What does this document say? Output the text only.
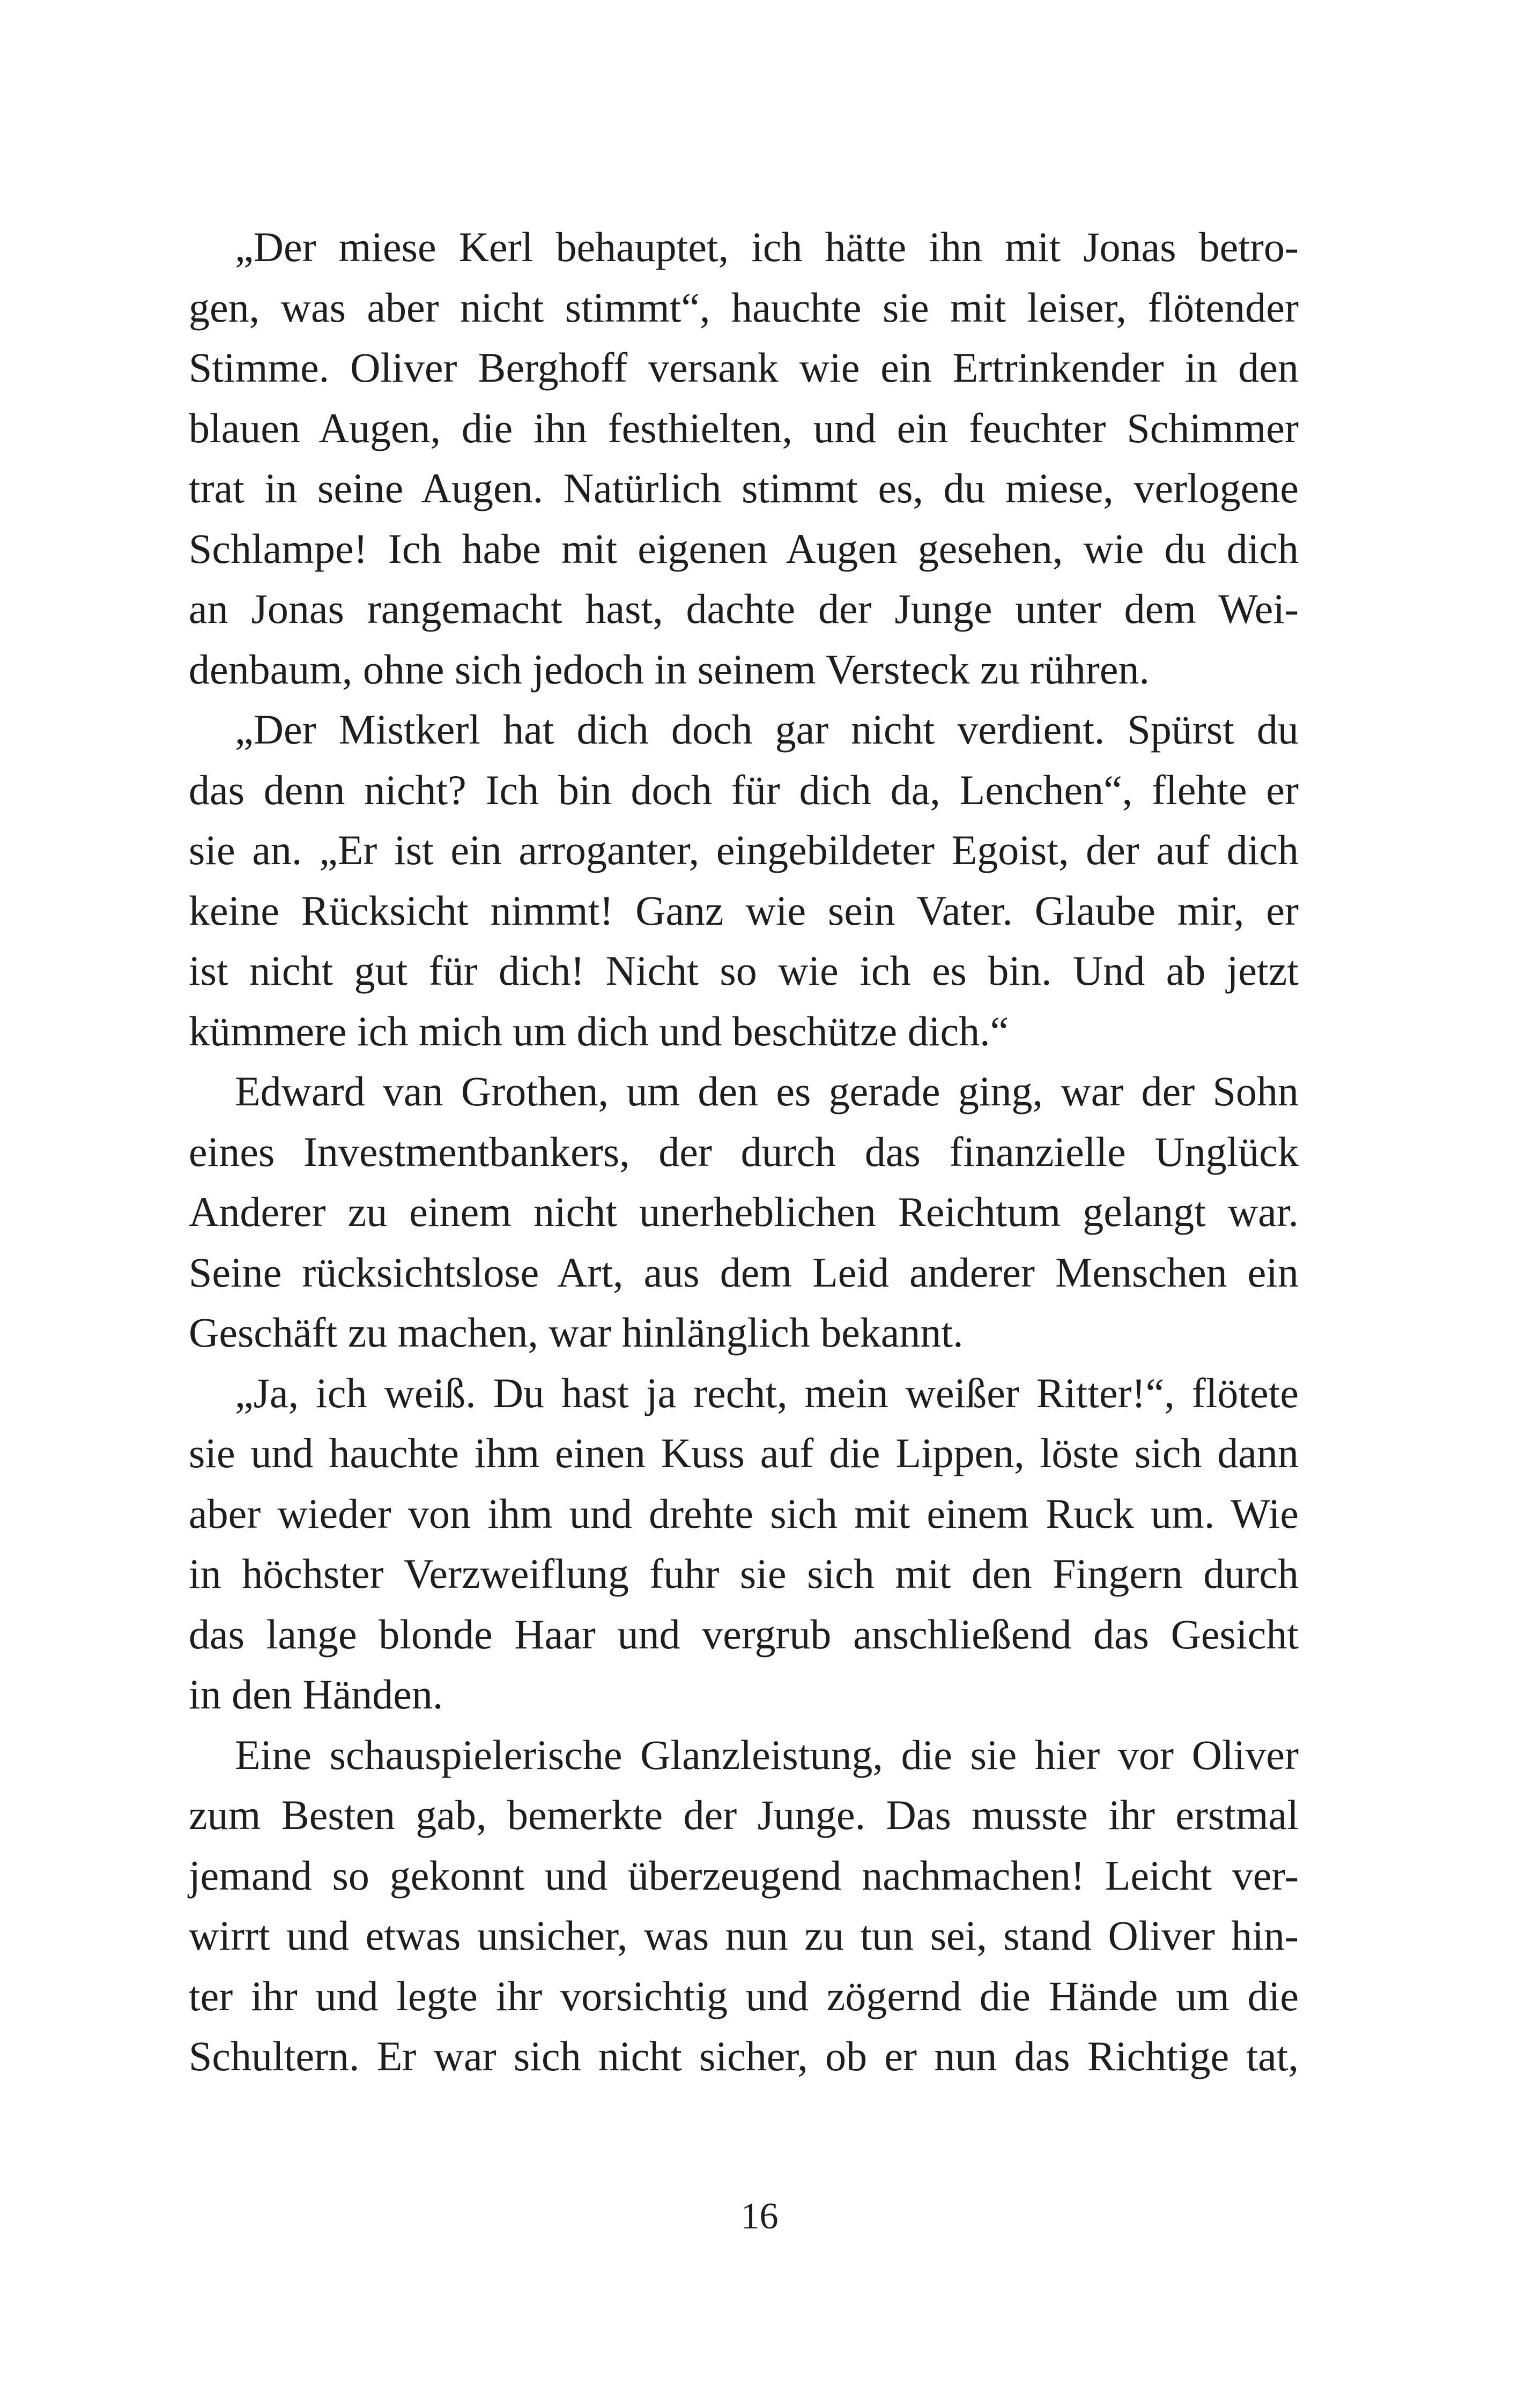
„Der miese Kerl behauptet, ich hätte ihn mit Jonas betro-
gen, was aber nicht stimmt“, hauchte sie mit leiser, flötender
Stimme. Oliver Berghoff versank wie ein Ertrinkender in den
blauen Augen, die ihn festhielten, und ein feuchter Schimmer
trat in seine Augen. Natürlich stimmt es, du miese, verlogene
Schlampe! Ich habe mit eigenen Augen gesehen, wie du dich
an Jonas rangemacht hast, dachte der Junge unter dem Wei-
denbaum, ohne sich jedoch in seinem Versteck zu rühren.
„Der Mistkerl hat dich doch gar nicht verdient. Spürst du
das denn nicht? Ich bin doch für dich da, Lenchen“, flehte er
sie an. „Er ist ein arroganter, eingebildeter Egoist, der auf dich
keine Rücksicht nimmt! Ganz wie sein Vater. Glaube mir, er
ist nicht gut für dich! Nicht so wie ich es bin. Und ab jetzt
kümmere ich mich um dich und beschütze dich.“
Edward van Grothen, um den es gerade ging, war der Sohn
eines Investmentbankers, der durch das finanzielle Unglück
Anderer zu einem nicht unerheblichen Reichtum gelangt war.
Seine rücksichtslose Art, aus dem Leid anderer Menschen ein
Geschäft zu machen, war hinlänglich bekannt.
„Ja, ich weiß. Du hast ja recht, mein weißer Ritter!“, flötete
sie und hauchte ihm einen Kuss auf die Lippen, löste sich dann
aber wieder von ihm und drehte sich mit einem Ruck um. Wie
in höchster Verzweiflung fuhr sie sich mit den Fingern durch
das lange blonde Haar und vergrub anschließend das Gesicht
in den Händen.
Eine schauspielerische Glanzleistung, die sie hier vor Oliver
zum Besten gab, bemerkte der Junge. Das musste ihr erstmal
jemand so gekonnt und überzeugend nachmachen! Leicht ver-
wirrt und etwas unsicher, was nun zu tun sei, stand Oliver hin-
ter ihr und legte ihr vorsichtig und zögernd die Hände um die
Schultern. Er war sich nicht sicher, ob er nun das Richtige tat,
16
